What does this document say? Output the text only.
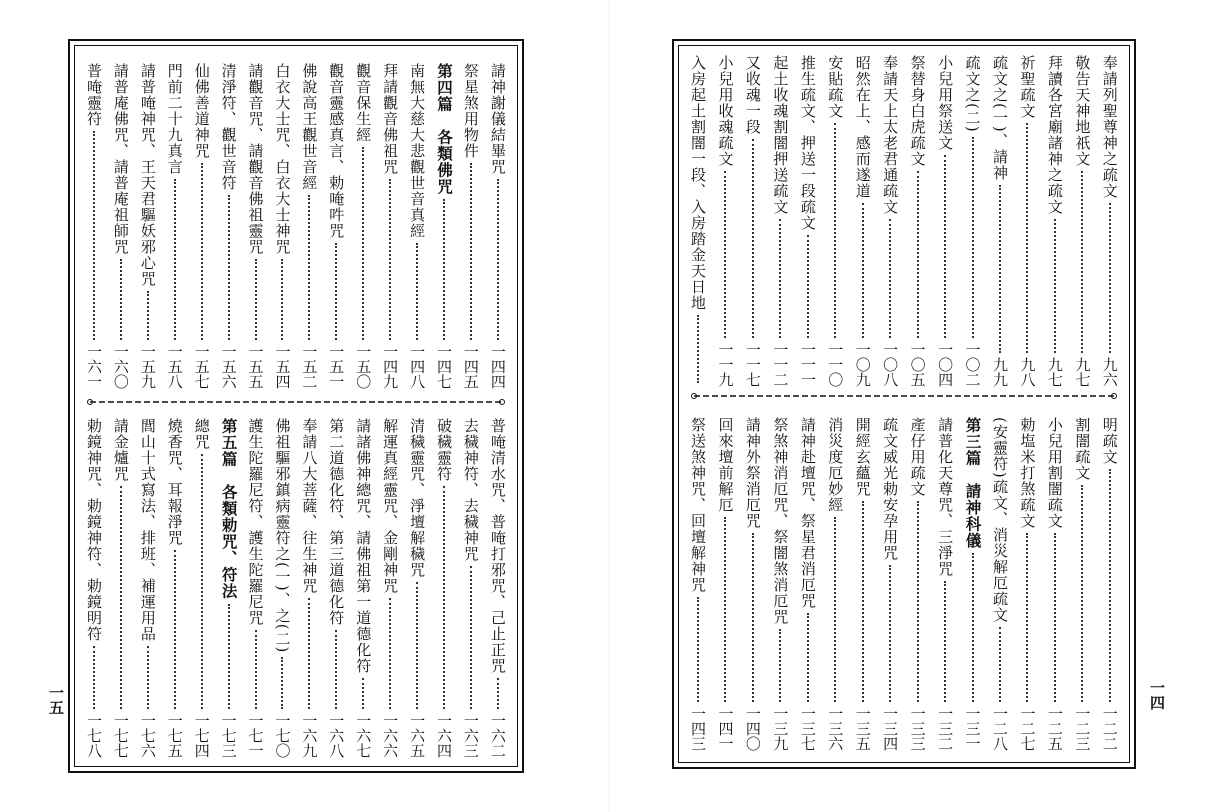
請神謝儀結畢咒
一四四
祭星煞用物件
一四五
第四篇　各類佛咒
一四七
南無大慈大悲觀世音真經
一四八
拜請觀音佛祖咒
一四九
觀音保生經
一五〇
觀音靈感真言、勅唵吽咒
一五一
佛說高王觀世音經
一五二
白衣大士咒、白衣大士神咒
一五四
請觀音咒、請觀音佛祖靈咒
一五五
清淨符、觀世音符
一五六
仙佛善道神咒
一五七
門前二十九真言
一五八
請普唵神咒、王天君驅妖邪心咒
一五九
請普庵佛咒、請普庵祖師咒
一六〇
普唵靈符
一六一
普唵清水咒、普唵打邪咒、己止正咒
一六二
去穢神符、去穢神咒
一六三
破穢靈符
一六四
清穢靈咒、淨壇解穢咒
一六五
解運真經靈咒、金剛神咒
一六六
請諸佛神總咒、請佛祖第一道德化符
一六七
第二道德化符、第三道德化符
一六八
奉請八大菩薩、往生神咒
一六九
佛祖驅邪鎮病靈符之(一)、之(二)
一七〇
護生陀羅尼符、護生陀羅尼咒
一七一
第五篇　各類勅咒、符法
一七三
總咒
一七四
燒香咒、耳報淨咒
一七五
閭山十式寫法、排班、補運用品
一七六
請金爐咒
一七七
勅鏡神咒、勅鏡神符、勅鏡明符
一七八
一五
奉請列聖尊神之疏文
九六
敬告天神地祇文
九七
拜讀各宮廟諸神之疏文
九七
祈聖疏文
九八
疏文之(一)、請神
九九
疏文之(二)
一〇二
小兒用祭送文
一〇四
祭替身白虎疏文
一〇五
奉請天上太老君通疏文
一〇八
昭然在上、感而遂道
一〇九
安貼疏文
一一〇
推生疏文、押送一段疏文
一一一
起土收魂割闇押送疏文
一一二
又收魂一段
一一七
小兒用收魂疏文
一一九
入房起土割闇一段、入房踏金天日地
明疏文
一二二
割闇疏文
一二三
小兒用割闇疏文
一二五
勅塩米打煞疏文
一二七
(安靈符)疏文、消災解厄疏文
一二八
第三篇　請神科儀
一三一
請普化天尊咒、三淨咒
一三二
產仔用疏文
一三三
疏文威光勅安孕用咒
一三四
開經玄蘊咒
一三五
消災度厄妙經
一三六
請神赴壇咒、祭星君消厄咒
一三七
祭煞神消厄咒、祭闇煞消厄咒
一三九
請神外祭消厄咒
一四〇
回來壇前解厄
一四一
祭送煞神咒、回壇解神咒
一四三
一四
